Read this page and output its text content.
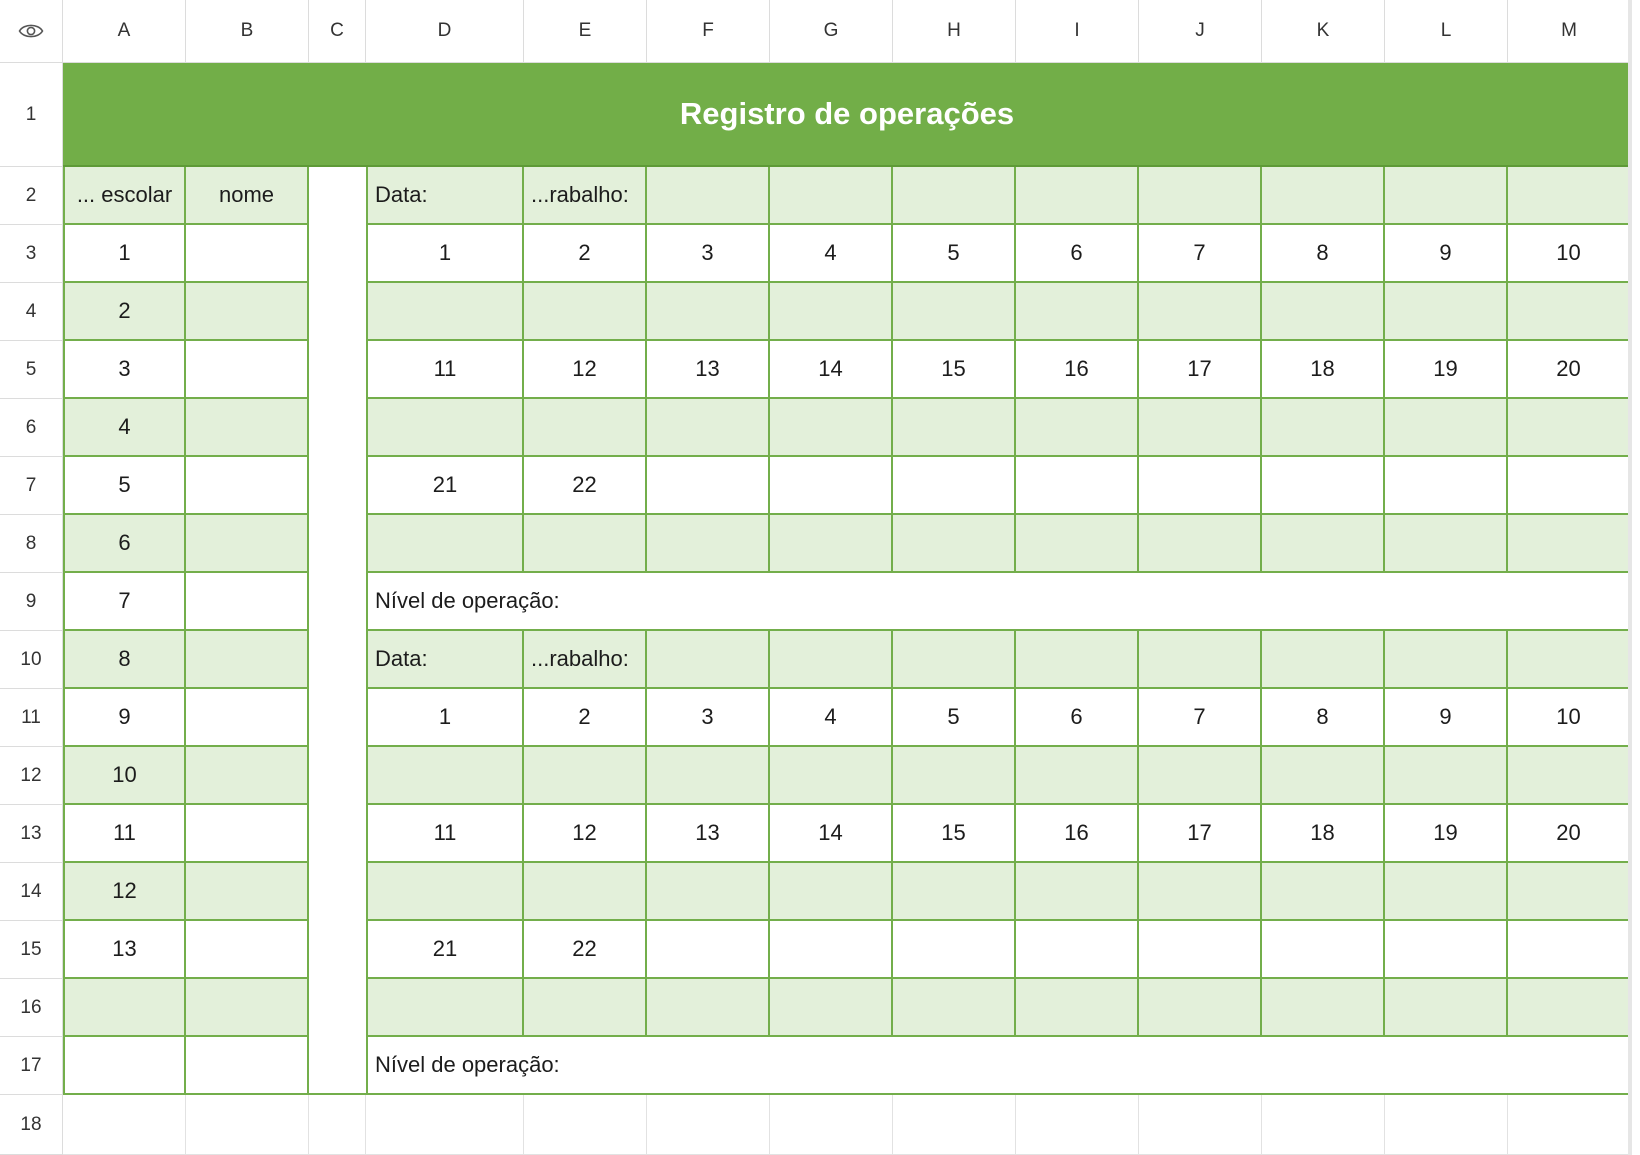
A	B	C	D	E	F	G	H	I	J	K	L	M
1
2
3
4
5
6
7
8
9
10
11
12
13
14
15
16
17
18
Registro de operações
... escolar	nome
1
2
3
4
5
6
7
8
9
10
11
12
13
Data:	...rabalho:
1	2	3	4	5	6	7	8	9	10
11	12	13	14	15	16	17	18	19	20
21	22
Nível de operação:
Data:	...rabalho:
1	2	3	4	5	6	7	8	9	10
11	12	13	14	15	16	17	18	19	20
21	22
Nível de operação:
